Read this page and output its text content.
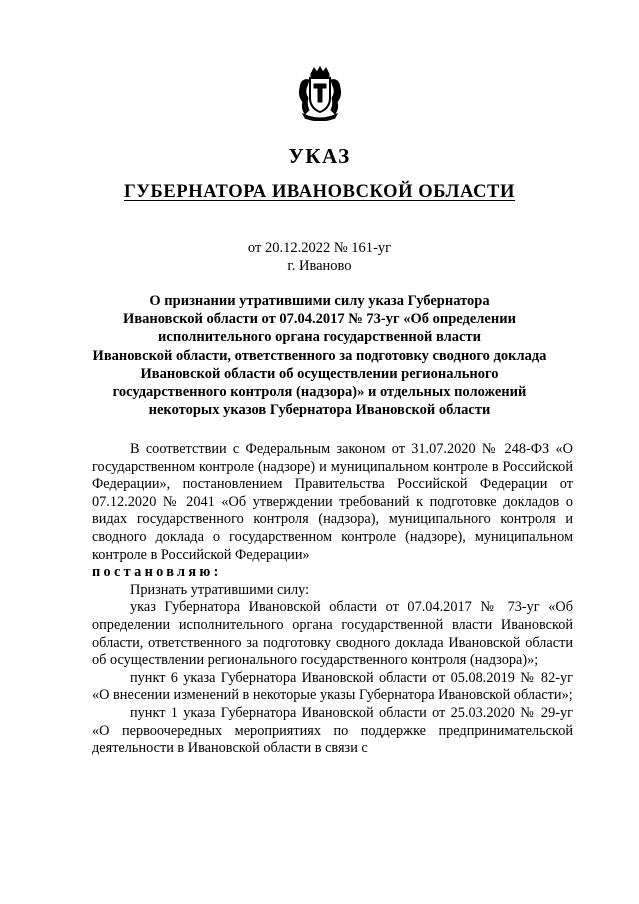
УКАЗ
ГУБЕРНАТОРА ИВАНОВСКОЙ ОБЛАСТИ
от 20.12.2022 № 161-уг
г. Иваново
О признании утратившими силу указа Губернатора
Ивановской области от 07.04.2017 № 73-уг «Об определении
исполнительного органа государственной власти
Ивановской области, ответственного за подготовку сводного доклада
Ивановской области об осуществлении регионального
государственного контроля (надзора)» и отдельных положений
некоторых указов Губернатора Ивановской области

В соответствии с Федеральным законом от 31.07.2020 № 248-ФЗ «О государственном контроле (надзоре) и муниципальном контроле в Российской Федерации», постановлением Правительства Российской Федерации от 07.12.2020 № 2041 «Об утверждении требований к подготовке докладов о видах государственного контроля (надзора), муниципального контроля и сводного доклада о государственном контроле (надзоре), муниципальном контроле в Российской Федерации»

постановляю:

Признать утратившими силу:

указ Губернатора Ивановской области от 07.04.2017 № 73-уг «Об определении исполнительного органа государственной власти Ивановской области, ответственного за подготовку сводного доклада Ивановской области об осуществлении регионального государственного контроля (надзора)»;

пункт 6 указа Губернатора Ивановской области от 05.08.2019 № 82-уг «О внесении изменений в некоторые указы Губернатора Ивановской области»;

пункт 1 указа Губернатора Ивановской области от 25.03.2020 № 29-уг «О первоочередных мероприятиях по поддержке предпринимательской деятельности в Ивановской области в связи с
